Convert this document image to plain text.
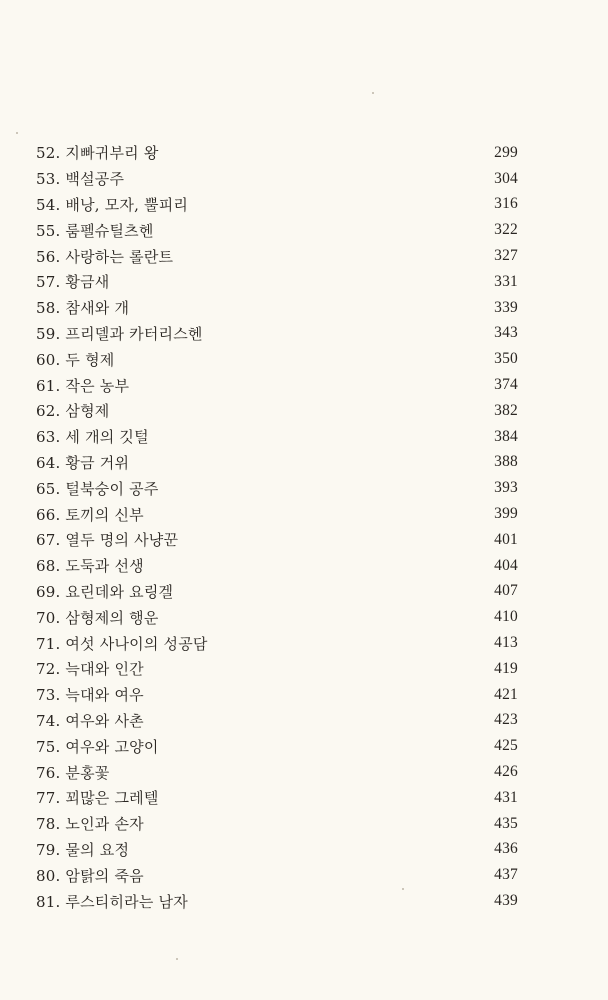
52. 지빠귀부리 왕	299
53. 백설공주	304
54. 배낭, 모자, 뿔피리	316
55. 룸펠슈틸츠헨	322
56. 사랑하는 롤란트	327
57. 황금새	331
58. 참새와 개	339
59. 프리델과 카터리스헨	343
60. 두 형제	350
61. 작은 농부	374
62. 삼형제	382
63. 세 개의 깃털	384
64. 황금 거위	388
65. 털북숭이 공주	393
66. 토끼의 신부	399
67. 열두 명의 사냥꾼	401
68. 도둑과 선생	404
69. 요린데와 요링겔	407
70. 삼형제의 행운	410
71. 여섯 사나이의 성공담	413
72. 늑대와 인간	419
73. 늑대와 여우	421
74. 여우와 사촌	423
75. 여우와 고양이	425
76. 분홍꽃	426
77. 꾀많은 그레텔	431
78. 노인과 손자	435
79. 물의 요정	436
80. 암탉의 죽음	437
81. 루스티히라는 남자	439
